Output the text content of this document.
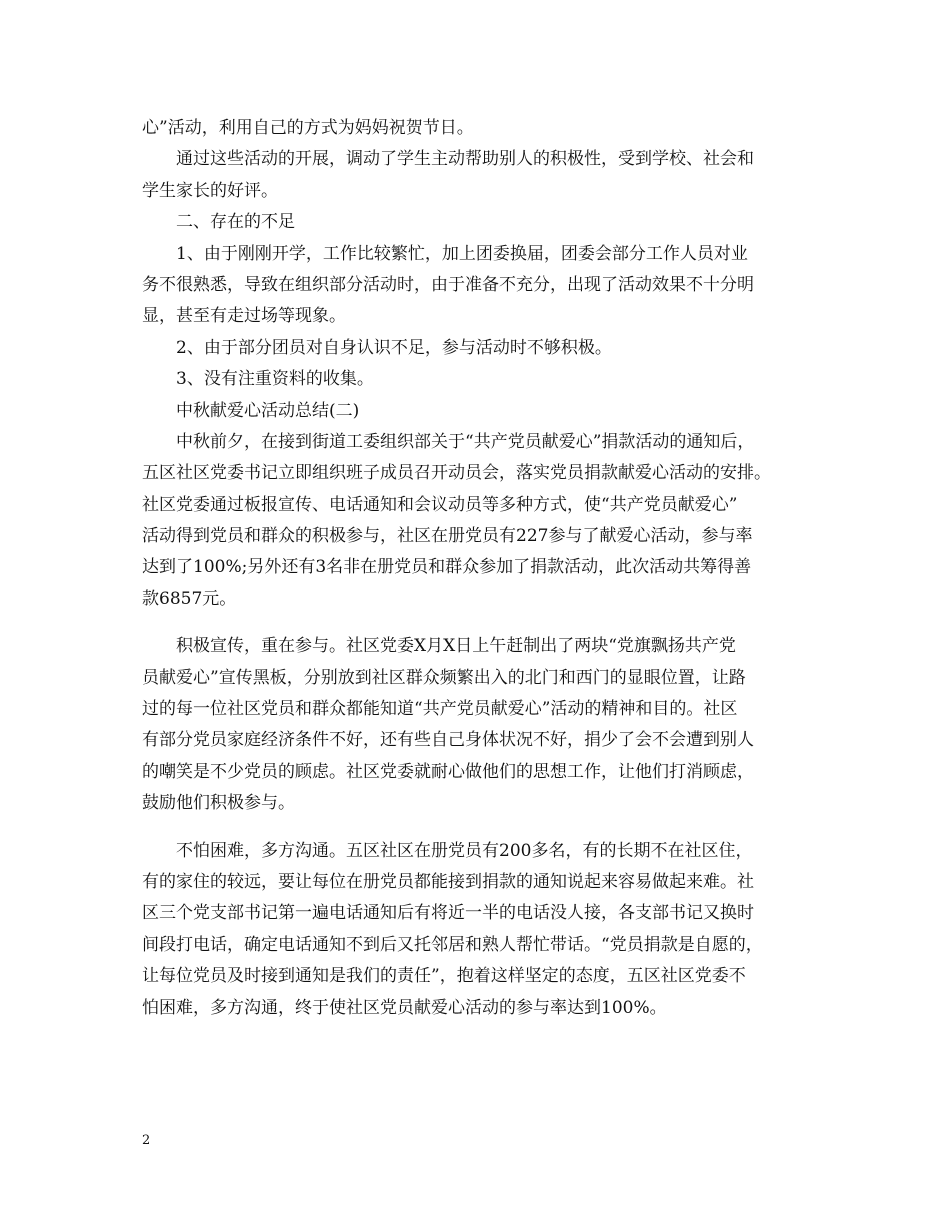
心”活动，利用自己的方式为妈妈祝贺节日。
通过这些活动的开展，调动了学生主动帮助别人的积极性，受到学校、社会和
学生家长的好评。
二、存在的不足
1、由于刚刚开学，工作比较繁忙，加上团委换届，团委会部分工作人员对业
务不很熟悉，导致在组织部分活动时，由于准备不充分，出现了活动效果不十分明
显，甚至有走过场等现象。
2、由于部分团员对自身认识不足，参与活动时不够积极。
3、没有注重资料的收集。
中秋献爱心活动总结(二)
中秋前夕，在接到街道工委组织部关于“共产党员献爱心”捐款活动的通知后，
五区社区党委书记立即组织班子成员召开动员会，落实党员捐款献爱心活动的安排。
社区党委通过板报宣传、电话通知和会议动员等多种方式，使“共产党员献爱心”
活动得到党员和群众的积极参与，社区在册党员有227参与了献爱心活动，参与率
达到了100%;另外还有3名非在册党员和群众参加了捐款活动，此次活动共筹得善
款6857元。
积极宣传，重在参与。社区党委X月X日上午赶制出了两块“党旗飘扬共产党
员献爱心”宣传黑板，分别放到社区群众频繁出入的北门和西门的显眼位置，让路
过的每一位社区党员和群众都能知道“共产党员献爱心”活动的精神和目的。社区
有部分党员家庭经济条件不好，还有些自己身体状况不好，捐少了会不会遭到别人
的嘲笑是不少党员的顾虑。社区党委就耐心做他们的思想工作，让他们打消顾虑，
鼓励他们积极参与。
不怕困难，多方沟通。五区社区在册党员有200多名，有的长期不在社区住，
有的家住的较远，要让每位在册党员都能接到捐款的通知说起来容易做起来难。社
区三个党支部书记第一遍电话通知后有将近一半的电话没人接，各支部书记又换时
间段打电话，确定电话通知不到后又托邻居和熟人帮忙带话。“党员捐款是自愿的，
让每位党员及时接到通知是我们的责任”，抱着这样坚定的态度，五区社区党委不
怕困难，多方沟通，终于使社区党员献爱心活动的参与率达到100%。
2
